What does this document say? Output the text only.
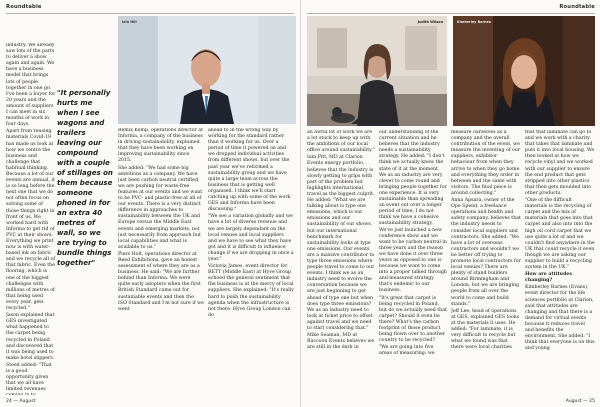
Roundtable

industry. We already saw lots of the parts to deliver a show again and again. We have a business model that brings lots of people together in one go. I've been a buyer for 20 years and the amount of suppliers I can meet in six months of work in four days.

Apart from reusing materials Covid-19 has made us look at how we centre the business and challenge that habitual thinking. Because a lot of our events are annual, it is so long before the next one that we do not often focus on solving some of those things right in front of us. We worked hard with Informa to get rid of PVC at their shows. Everything we print now is with water-based ink on fabric and we recycle all of that fabric. Even the flooring, which is one of the biggest challenges with millions of metres of that being used every year, gets recycled."

Jason explained that GES investigated what happened to the carpet being recycled in Poland and discovered that it was being used to make hotel slippers.

Steed added: "That is a good opportunity given that we all have limited revenues

"It personally hurts me when I see wagons and trailers leaving our compound with a couple of stillages on them because someone phoned in for an extra 40 metres of wall, so we are trying to bundle things together"
Iain Hill

Remix Kemp, operations director at Informa, a company of the business in driving sustainability, explained that they have been working on improving sustainability since 2015.

She added: "We had some big ambitions as a company. We have just been carbon neutral certified, we are pushing for waste-free features at our events and we want to be PVC- and plastic-free at all of our events. There is a very distinct difference in approaches to sustainability between the UK and Europe versus the Middle East events and emerging markets, not just necessarily from approach but local capabilities and what is available to us."

Piers Holt, operations director at Reed Exhibitions, gave an honest assessment of where they are as a business. He said: "We are further behind than Informa. We were quite early adopters when the first British Standard came out for sustainable events and then the ISO Standard and I'm not sure if we went

ahead to in the wrong way by working for the standard rather than it working for us. Over a period of time it powered on and we dropped individual activities from different shows, but over the past year we've reformed a sustainability group and we have quite a large team across the business that is getting well organised. I think we'll start catching up with some of the work GES and Informa have been discussing."

"We see a variation globally and we have a lot of diverse revenue and we are largely dependant on the local venues and local suppliers and we have to see what they have got and it is difficult to influence change if we are dropping in once a year."

Victoria James, event director for BETT (Middle East) at Hyve Group echoed the general sentiment that the business is at the mercy of local suppliers. She explained: "It's really hard to push the sustainability agenda when the infrastructure is not there. Hyve Group London can do

24 — August
Roundtable
Judith Wilson	Kimberley Barnes

an awful lot of work we are a lot stuck to keep up with the ambitions of our local office around sustainability."

Iain Pitt, MD at Clarion Events energy portfolio, believes that the industry is slowly getting to grips with part of the problem but highlights international travel as the biggest culprit. He added: "What we are talking about is type one emissions, which is our emissions and our sustainability of our shows, but our international benchmark for sustainability looks at type one emissions. Our events are a massive contributor to type three emissions where people travel to come to our events. I think we as an industry need to evolve the conversation because we are just beginning to get ahead of type one but when does type three emissions? We as an industry need to look at ticket price to offset against travel and we need to start considering that."

Mike Seaman, MD at Raccoon Events believes we are still in the dark in

our understanding of the current situation and he believes that the industry needs a sustainability strategy. He added: "I don't think we actually know the state of it at the moment. We as an industry are very clever to come round and bringing people together for one experience. It is very sustainable than spreading an event out over a longer period of time. I do not think we have a cohesive sustainability strategy. We've just launched a new conference show and we want to be carbon neutral in three years and the reason we have done it over three years as opposed to one is because we want to come into a proper talked through and measured strategy that's endemic to our business.

"It's great that carpet is being recycled in Poland, but do we actually need that carpet? Should it even be there? What's the carbon footprint of those product being flown over to another country to be recycled?

"We are going into five areas of measuring: we

measure ourselves as a company and the overall contribution of the event, we measure the inventing of our suppliers, exhibitor behaviour from when they arrive to when they go home and everything they order in between and the same with visitors. The final piece is around collecting."

Anna Apsara, owner of the Ope Spend, a freelance operations and health and safety company, believes that the industry needs to consider local suppliers and contractors. She added: "We have a lot of overseas contractors and wouldn't we be better off trying to promote local contractors for local venues? There are plenty of stand builders around Birmingham and London, but we are bringing people from all over the world to come and build stands."

Jeff Lee, head of operations at GES, explained GES looks at the materials it uses. He added: "For laminate, it is very difficult to recycle but what we found was that there were local charities

that that laminate can go to and we work with a charity that takes that laminate and puts it into local housing. We then looked at how we recycle vinyl and we worked with our supplier to ensure the end product that gets stripped into other plastics that then gets moulded into other products.

"One of the difficult materials is the recycling of carpet and the mix of materials that goes into that carpet and also into into the high oil cord carpet that we use quite a lot of and we couldn't find anywhere in the UK that could recycle it even though we are asking our supplier to build a recycling system in the UK."

How are attitudes changing?

Kimberley Barnes (Evans), event director for the life sciences portfolio at Clarion, said that attitudes are changing and that there is a demand for virtual events because it reduces travel and benefits the environment. She added: "I think that everyone is on this and young

August — 25
